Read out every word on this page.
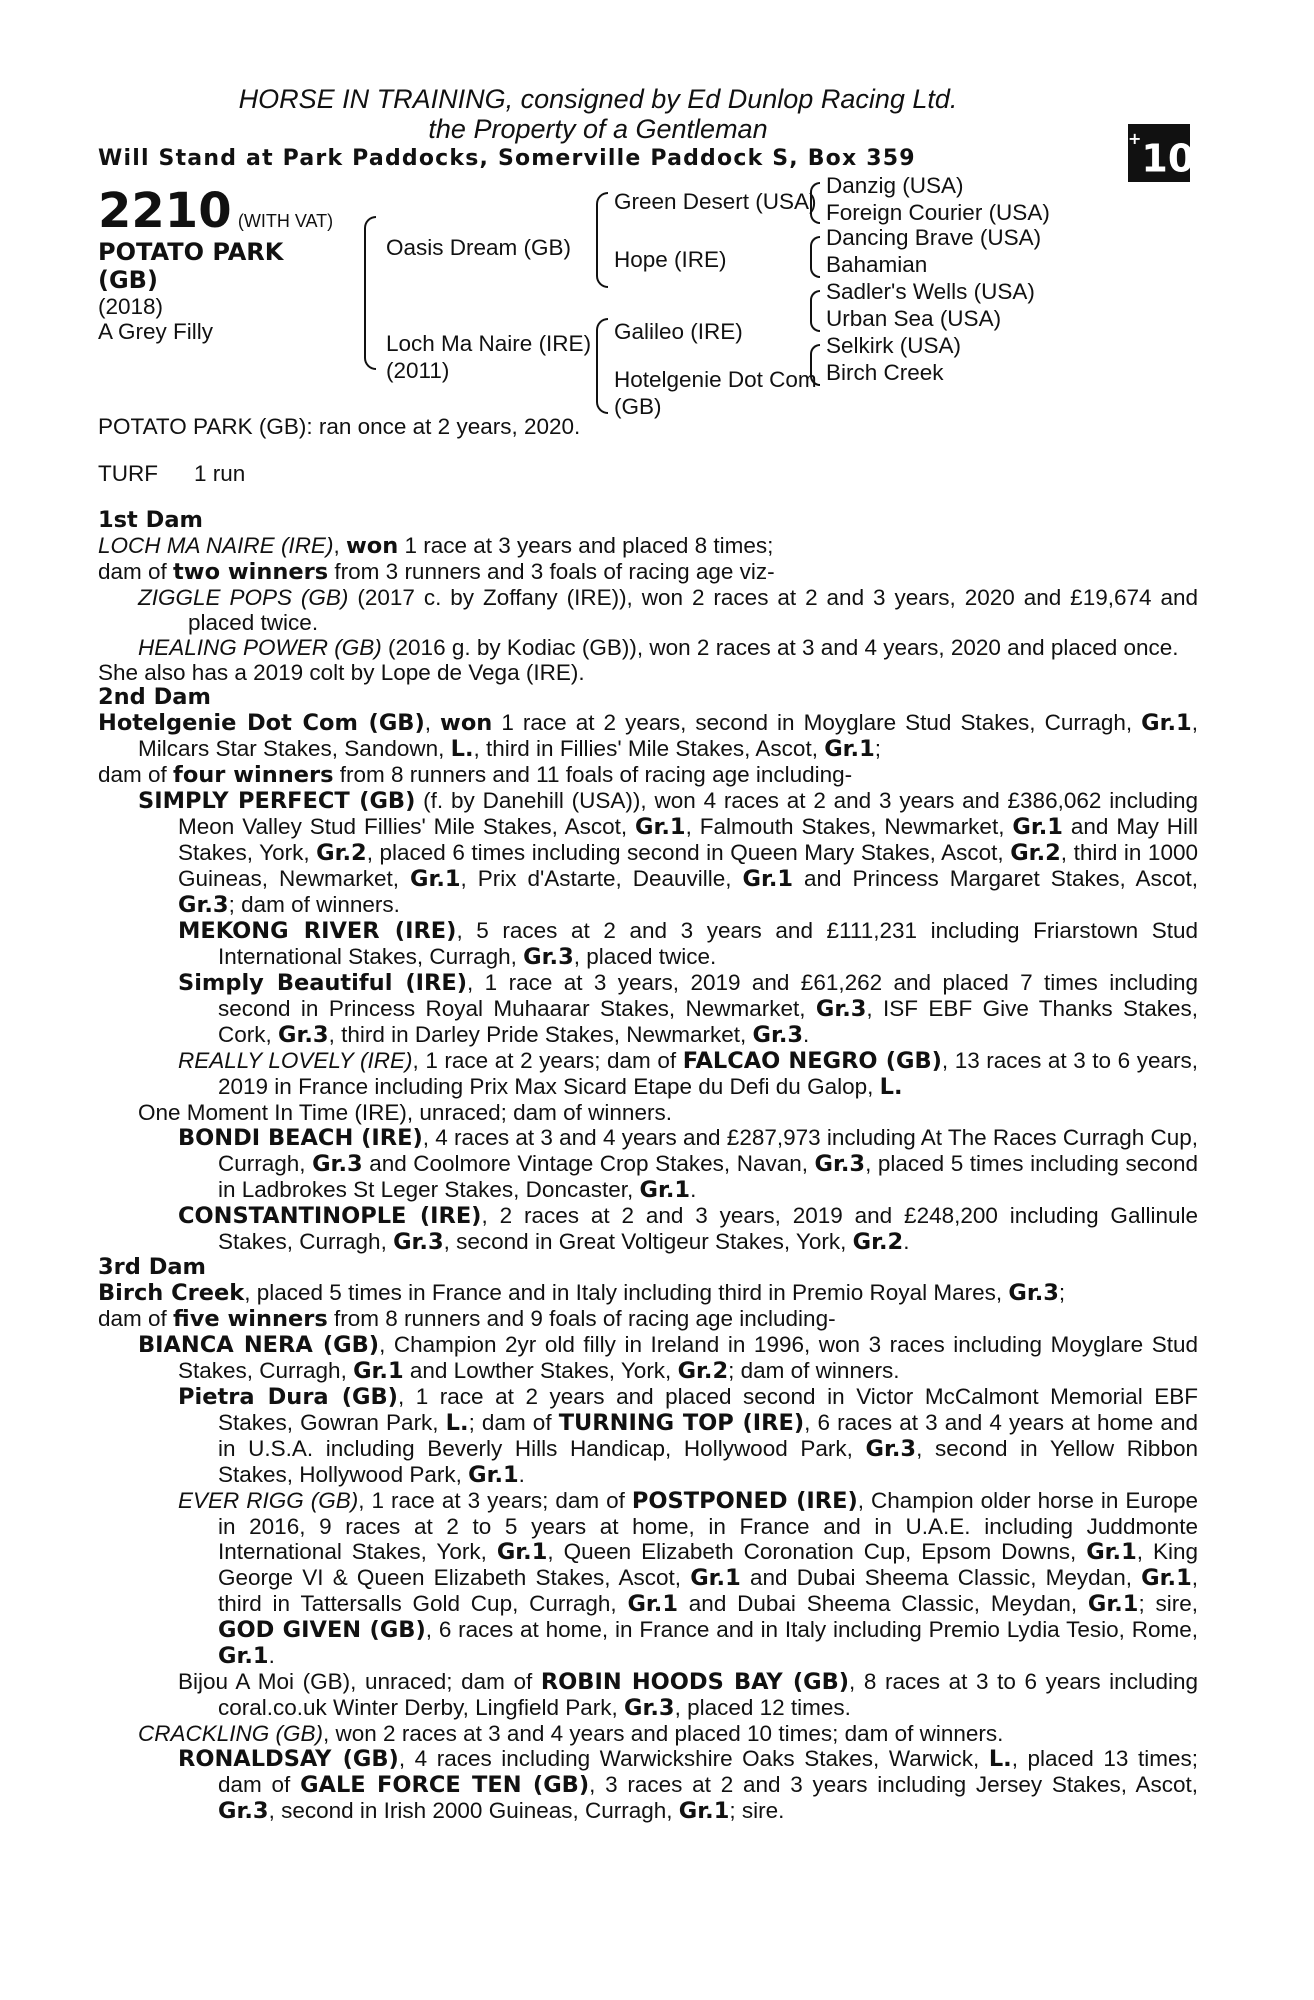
HORSE IN TRAINING, consigned by Ed Dunlop Racing Ltd.
the Property of a Gentleman
Will Stand at Park Paddocks, Somerville Paddock S, Box 359
+10
2210 (WITH VAT)
POTATO PARK
(GB)
(2018)
A Grey Filly
Oasis Dream (GB)
Loch Ma Naire (IRE)
(2011)
Green Desert (USA)
Hope (IRE)
Galileo (IRE)
Hotelgenie Dot Com
(GB)
Danzig (USA)
Foreign Courier (USA)
Dancing Brave (USA)
Bahamian
Sadler's Wells (USA)
Urban Sea (USA)
Selkirk (USA)
Birch Creek

POTATO PARK (GB): ran once at 2 years, 2020.

TURF 1 run

1st Dam

LOCH MA NAIRE (IRE), won 1 race at 3 years and placed 8 times;

dam of two winners from 3 runners and 3 foals of racing age viz-

ZIGGLE POPS (GB) (2017 c. by Zoffany (IRE)), won 2 races at 2 and 3 years, 2020 and £19,674 and placed twice.

HEALING POWER (GB) (2016 g. by Kodiac (GB)), won 2 races at 3 and 4 years, 2020 and placed once.

She also has a 2019 colt by Lope de Vega (IRE).

2nd Dam

Hotelgenie Dot Com (GB), won 1 race at 2 years, second in Moyglare Stud Stakes, Curragh, Gr.1, Milcars Star Stakes, Sandown, L., third in Fillies' Mile Stakes, Ascot, Gr.1;

dam of four winners from 8 runners and 11 foals of racing age including-

SIMPLY PERFECT (GB) (f. by Danehill (USA)), won 4 races at 2 and 3 years and £386,062 including Meon Valley Stud Fillies' Mile Stakes, Ascot, Gr.1, Falmouth Stakes, Newmarket, Gr.1 and May Hill Stakes, York, Gr.2, placed 6 times including second in Queen Mary Stakes, Ascot, Gr.2, third in 1000 Guineas, Newmarket, Gr.1, Prix d'Astarte, Deauville, Gr.1 and Princess Margaret Stakes, Ascot, Gr.3; dam of winners.

MEKONG RIVER (IRE), 5 races at 2 and 3 years and £111,231 including Friarstown Stud International Stakes, Curragh, Gr.3, placed twice.

Simply Beautiful (IRE), 1 race at 3 years, 2019 and £61,262 and placed 7 times including second in Princess Royal Muhaarar Stakes, Newmarket, Gr.3, ISF EBF Give Thanks Stakes, Cork, Gr.3, third in Darley Pride Stakes, Newmarket, Gr.3.

REALLY LOVELY (IRE), 1 race at 2 years; dam of FALCAO NEGRO (GB), 13 races at 3 to 6 years, 2019 in France including Prix Max Sicard Etape du Defi du Galop, L.

One Moment In Time (IRE), unraced; dam of winners.

BONDI BEACH (IRE), 4 races at 3 and 4 years and £287,973 including At The Races Curragh Cup, Curragh, Gr.3 and Coolmore Vintage Crop Stakes, Navan, Gr.3, placed 5 times including second in Ladbrokes St Leger Stakes, Doncaster, Gr.1.

CONSTANTINOPLE (IRE), 2 races at 2 and 3 years, 2019 and £248,200 including Gallinule Stakes, Curragh, Gr.3, second in Great Voltigeur Stakes, York, Gr.2.

3rd Dam

Birch Creek, placed 5 times in France and in Italy including third in Premio Royal Mares, Gr.3;

dam of five winners from 8 runners and 9 foals of racing age including-

BIANCA NERA (GB), Champion 2yr old filly in Ireland in 1996, won 3 races including Moyglare Stud Stakes, Curragh, Gr.1 and Lowther Stakes, York, Gr.2; dam of winners.

Pietra Dura (GB), 1 race at 2 years and placed second in Victor McCalmont Memorial EBF Stakes, Gowran Park, L.; dam of TURNING TOP (IRE), 6 races at 3 and 4 years at home and in U.S.A. including Beverly Hills Handicap, Hollywood Park, Gr.3, second in Yellow Ribbon Stakes, Hollywood Park, Gr.1.

EVER RIGG (GB), 1 race at 3 years; dam of POSTPONED (IRE), Champion older horse in Europe in 2016, 9 races at 2 to 5 years at home, in France and in U.A.E. including Juddmonte International Stakes, York, Gr.1, Queen Elizabeth Coronation Cup, Epsom Downs, Gr.1, King George VI & Queen Elizabeth Stakes, Ascot, Gr.1 and Dubai Sheema Classic, Meydan, Gr.1, third in Tattersalls Gold Cup, Curragh, Gr.1 and Dubai Sheema Classic, Meydan, Gr.1; sire, GOD GIVEN (GB), 6 races at home, in France and in Italy including Premio Lydia Tesio, Rome, Gr.1.

Bijou A Moi (GB), unraced; dam of ROBIN HOODS BAY (GB), 8 races at 3 to 6 years including coral.co.uk Winter Derby, Lingfield Park, Gr.3, placed 12 times.

CRACKLING (GB), won 2 races at 3 and 4 years and placed 10 times; dam of winners.

RONALDSAY (GB), 4 races including Warwickshire Oaks Stakes, Warwick, L., placed 13 times; dam of GALE FORCE TEN (GB), 3 races at 2 and 3 years including Jersey Stakes, Ascot, Gr.3, second in Irish 2000 Guineas, Curragh, Gr.1; sire.
